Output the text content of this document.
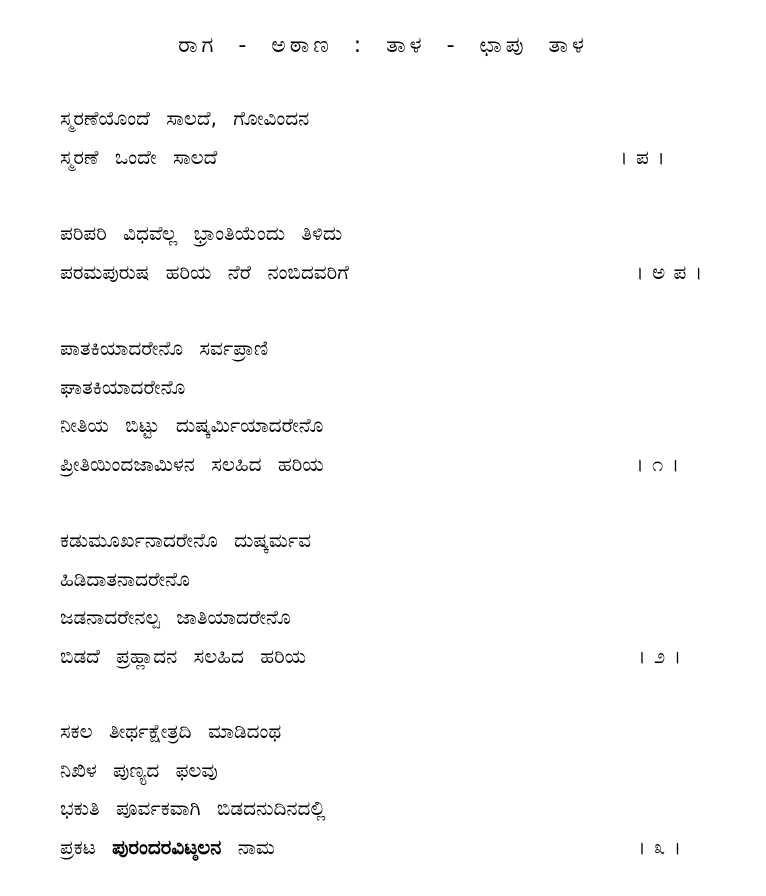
ರಾಗ - ಅಠಾಣ : ತಾಳ - ಛಾಪು ತಾಳ
ಸ್ಮರಣೆಯೊಂದೆ ಸಾಲದೆ, ಗೋವಿಂದನ
ಸ್ಮರಣೆ ಒಂದೇ ಸಾಲದೆ	। ಪ ।
ಪರಿಪರಿ ವಿಧವೆಲ್ಲ ಭ್ರಾಂತಿಯೆಂದು ತಿಳಿದು
ಪರಮಪುರುಷ ಹರಿಯ ನೆರೆ ನಂಬಿದವರಿಗೆ	। ಅ ಪ ।
ಪಾತಕಿಯಾದರೇನೊ ಸರ್ವಪ್ರಾಣಿ
ಘಾತಕಿಯಾದರೇನೊ
ನೀತಿಯ ಬಿಟ್ಟು ದುಷ್ಕರ್ಮಿಯಾದರೇನೊ
ಪ್ರೀತಿಯಿಂದಜಾಮಿಳನ ಸಲಹಿದ ಹರಿಯ	। ೧ ।
ಕಡುಮೂರ್ಖನಾದರೇನೊ ದುಷ್ಕರ್ಮವ
ಹಿಡಿದಾತನಾದರೇನೊ
ಜಡನಾದರೇನಲ್ಪ ಜಾತಿಯಾದರೇನೊ
ಬಿಡದೆ ಪ್ರಹ್ಲಾದನ ಸಲಹಿದ ಹರಿಯ	। ೨ ।
ಸಕಲ ತೀರ್ಥಕ್ಷೇತ್ರದಿ ಮಾಡಿದಂಥ
ನಿಖಿಳ ಪುಣ್ಯದ ಫಲವು
ಭಕುತಿ ಪೂರ್ವಕವಾಗಿ ಬಿಡದನುದಿನದಲ್ಲಿ
ಪ್ರಕಟ ಪುರಂದರವಿಟ್ಠಲನ ನಾಮ	। ೩ ।
